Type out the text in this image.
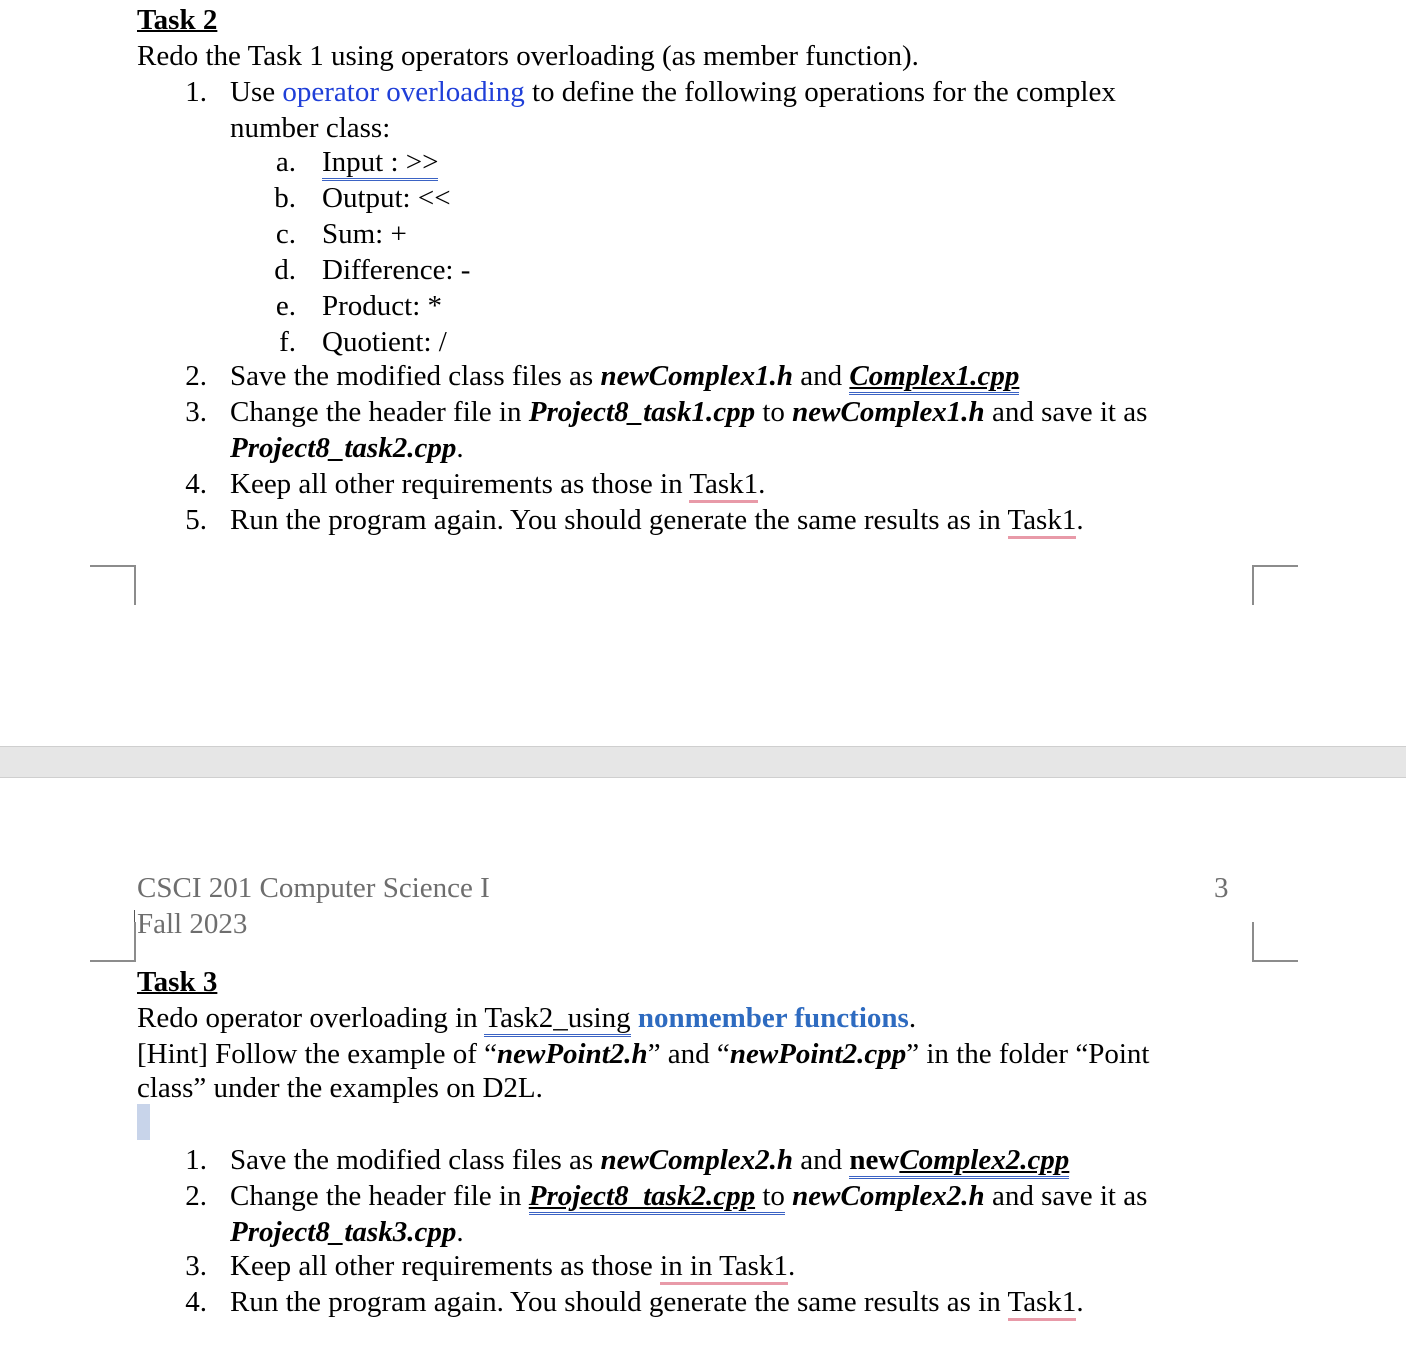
Task 2
Redo the Task 1 using operators overloading (as member function).
1. Use operator overloading to define the following operations for the complex
number class:
a. Input : >>
b. Output: <<
c. Sum: +
d. Difference: -
e. Product: *
f. Quotient: /
2. Save the modified class files as newComplex1.h and Complex1.cpp
3. Change the header file in Project8_task1.cpp to newComplex1.h and save it as
Project8_task2.cpp.
4. Keep all other requirements as those in Task1.
5. Run the program again. You should generate the same results as in Task1.
CSCI 201 Computer Science I
Fall 2023
3
Task 3
Redo operator overloading in Task2_using nonmember functions.
[Hint] Follow the example of “newPoint2.h” and “newPoint2.cpp” in the folder “Point
class” under the examples on D2L.
1. Save the modified class files as newComplex2.h and newComplex2.cpp
2. Change the header file in Project8_task2.cpp to newComplex2.h and save it as
Project8_task3.cpp.
3. Keep all other requirements as those in in Task1.
4. Run the program again. You should generate the same results as in Task1.
